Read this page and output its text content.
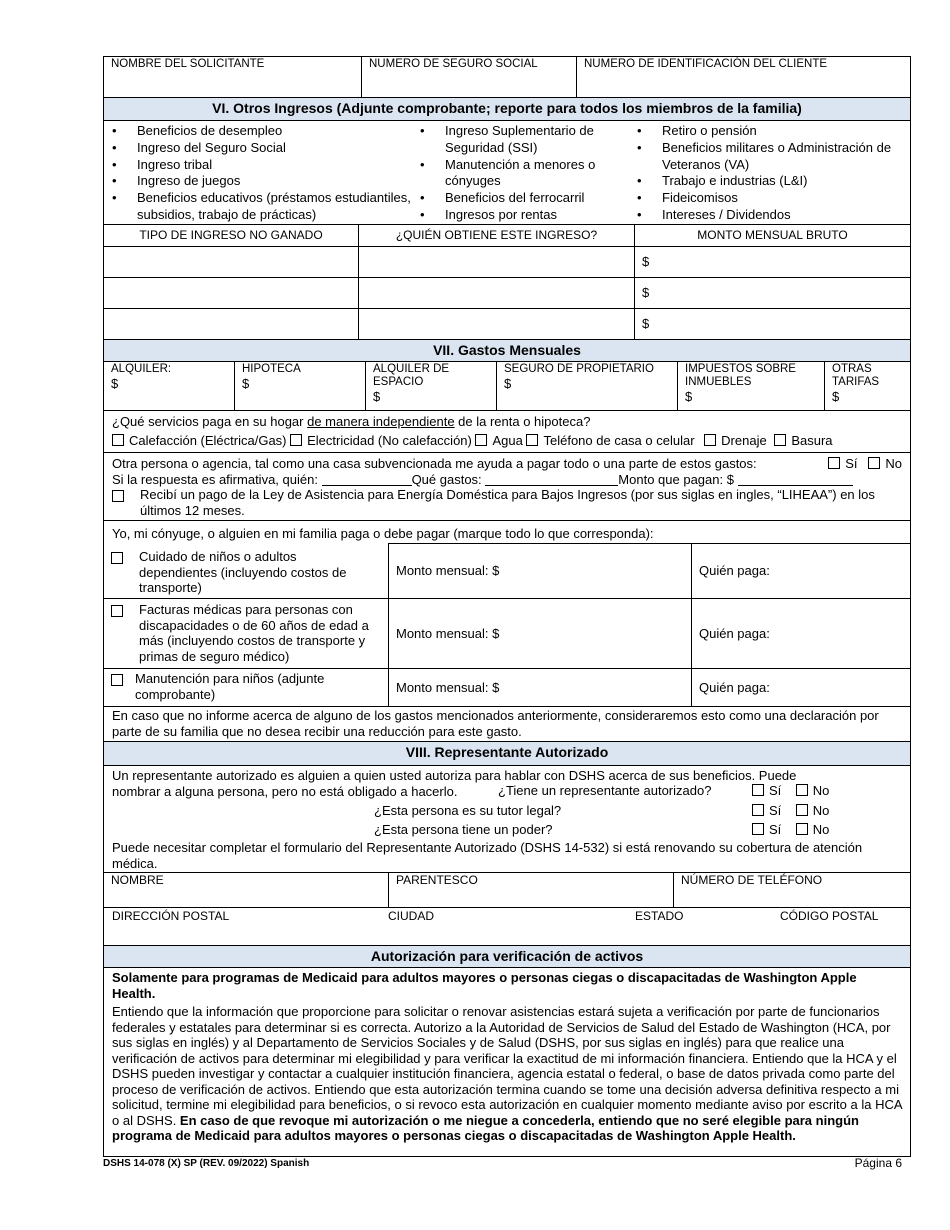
NOMBRE DEL SOLICITANTE	NUMERO DE SEGURO SOCIAL	NUMERO DE IDENTIFICACIÓN DEL CLIENTE
VI. Otros Ingresos (Adjunte comprobante; reporte para todos los miembros de la familia)
• Beneficios de desempleo
• Ingreso del Seguro Social
• Ingreso tribal
• Ingreso de juegos
• Beneficios educativos (préstamos estudiantiles, subsidios, trabajo de prácticas)
• Ingreso Suplementario de Seguridad (SSI)
• Manutención a menores o cónyuges
• Beneficios del ferrocarril
• Ingresos por rentas
• Retiro o pensión
• Beneficios militares o Administración de Veteranos (VA)
• Trabajo e industrias (L&I)
• Fideicomisos
• Intereses / Dividendos
TIPO DE INGRESO NO GANADO	¿QUIÉN OBTIENE ESTE INGRESO?	MONTO MENSUAL BRUTO
$
$
$
VII. Gastos Mensuales
ALQUILER:
$
HIPOTECA
$
ALQUILER DE ESPACIO
$
SEGURO DE PROPIETARIO
$
IMPUESTOS SOBRE INMUEBLES
$
OTRAS TARIFAS
$
¿Qué servicios paga en su hogar de manera independiente de la renta o hipoteca?
Calefacción (Eléctrica/Gas) Electricidad (No calefacción) Agua Teléfono de casa o celular Drenaje Basura
Otra persona o agencia, tal como una casa subvencionada me ayuda a pagar todo o una parte de estos gastos:	Sí No
Si la respuesta es afirmativa, quién:	Qué gastos:	Monto que pagan: $
Recibí un pago de la Ley de Asistencia para Energía Doméstica para Bajos Ingresos (por sus siglas en ingles, “LIHEAA”) en los últimos 12 meses.
Yo, mi cónyuge, o alguien en mi familia paga o debe pagar (marque todo lo que corresponda):
Cuidado de niños o adultos dependientes (incluyendo costos de transporte)
Monto mensual: $	Quién paga:
Facturas médicas para personas con discapacidades o de 60 años de edad a más (incluyendo costos de transporte y primas de seguro médico)
Monto mensual: $	Quién paga:
Manutención para niños (adjunte comprobante)	Monto mensual: $	Quién paga:
En caso que no informe acerca de alguno de los gastos mencionados anteriormente, consideraremos esto como una declaración por parte de su familia que no desea recibir una reducción para este gasto.
VIII. Representante Autorizado
Un representante autorizado es alguien a quien usted autoriza para hablar con DSHS acerca de sus beneficios. Puede nombrar a alguna persona, pero no está obligado a hacerlo.	¿Tiene un representante autorizado?
¿Esta persona es su tutor legal?
¿Esta persona tiene un poder?
Sí No
Sí No
Sí No
Puede necesitar completar el formulario del Representante Autorizado (DSHS 14-532) si está renovando su cobertura de atención médica.
NOMBRE	PARENTESCO	NÚMERO DE TELÉFONO
DIRECCIÓN POSTAL	CIUDAD	ESTADO	CÓDIGO POSTAL
Autorización para verificación de activos
Solamente para programas de Medicaid para adultos mayores o personas ciegas o discapacitadas de Washington Apple Health.
Entiendo que la información que proporcione para solicitar o renovar asistencias estará sujeta a verificación por parte de funcionarios federales y estatales para determinar si es correcta. Autorizo a la Autoridad de Servicios de Salud del Estado de Washington (HCA, por sus siglas en inglés) y al Departamento de Servicios Sociales y de Salud (DSHS, por sus siglas en inglés) para que realice una verificación de activos para determinar mi elegibilidad y para verificar la exactitud de mi información financiera. Entiendo que la HCA y el DSHS pueden investigar y contactar a cualquier institución financiera, agencia estatal o federal, o base de datos privada como parte del proceso de verificación de activos. Entiendo que esta autorización termina cuando se tome una decisión adversa definitiva respecto a mi solicitud, termine mi elegibilidad para beneficios, o si revoco esta autorización en cualquier momento mediante aviso por escrito a la HCA o al DSHS. En caso de que revoque mi autorización o me niegue a concederla, entiendo que no seré elegible para ningún programa de Medicaid para adultos mayores o personas ciegas o discapacitadas de Washington Apple Health.
DSHS 14-078 (X) SP (REV. 09/2022) Spanish	Página 6
